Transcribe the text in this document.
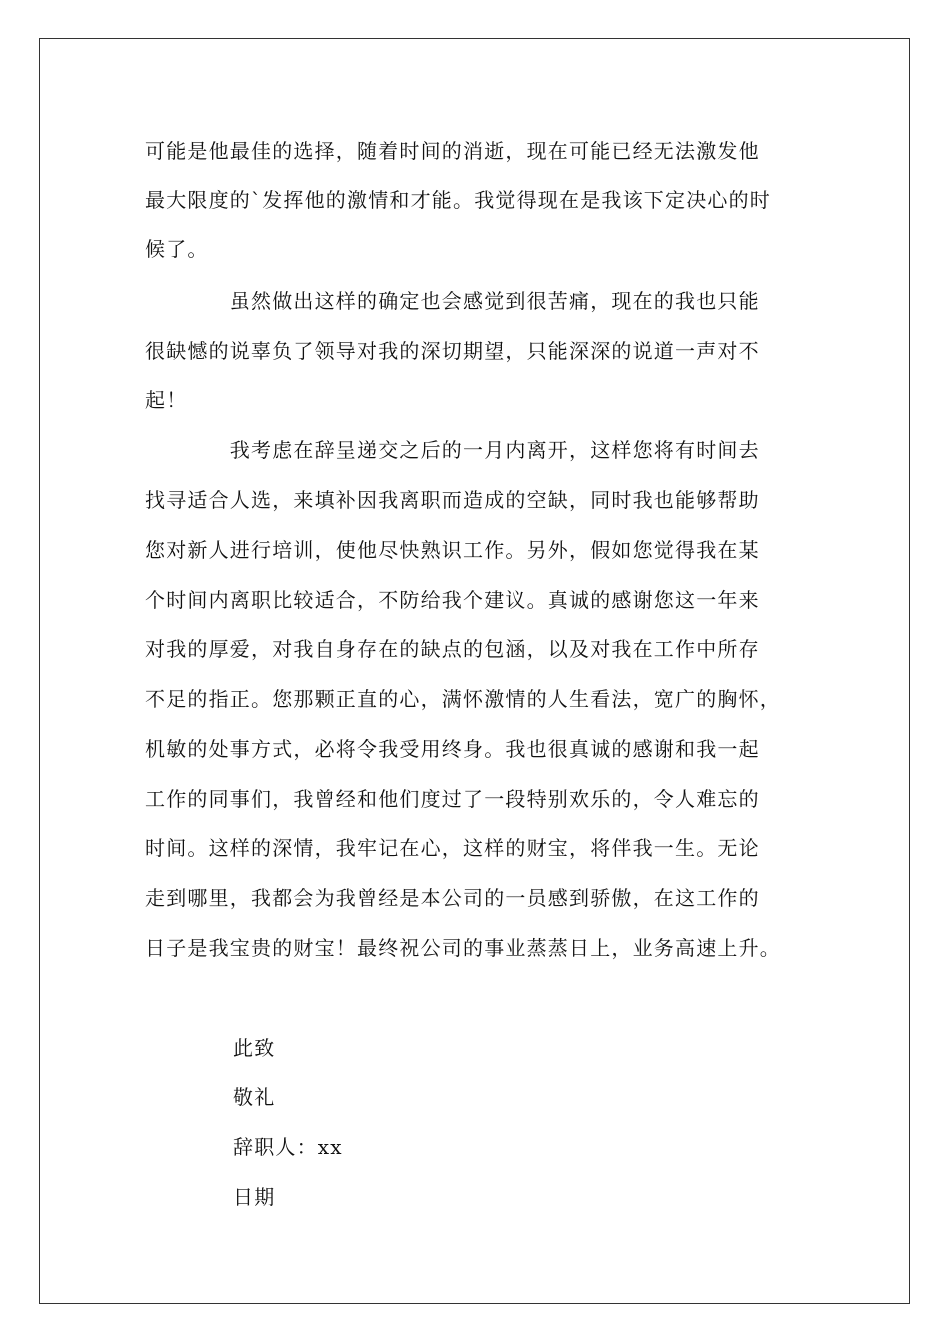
可能是他最佳的选择，随着时间的消逝，现在可能已经无法激发他

最大限度的`发挥他的激情和才能。我觉得现在是我该下定决心的时

候了。

　　　　虽然做出这样的确定也会感觉到很苦痛，现在的我也只能

很缺憾的说辜负了领导对我的深切期望，只能深深的说道一声对不

起！

　　　　我考虑在辞呈递交之后的一月内离开，这样您将有时间去

找寻适合人选，来填补因我离职而造成的空缺，同时我也能够帮助

您对新人进行培训，使他尽快熟识工作。另外，假如您觉得我在某

个时间内离职比较适合，不防给我个建议。真诚的感谢您这一年来

对我的厚爱，对我自身存在的缺点的包涵，以及对我在工作中所存

不足的指正。您那颗正直的心，满怀激情的人生看法，宽广的胸怀，

机敏的处事方式，必将令我受用终身。我也很真诚的感谢和我一起

工作的同事们，我曾经和他们度过了一段特别欢乐的，令人难忘的

时间。这样的深情，我牢记在心，这样的财宝，将伴我一生。无论

走到哪里，我都会为我曾经是本公司的一员感到骄傲，在这工作的

日子是我宝贵的财宝！最终祝公司的事业蒸蒸日上，业务高速上升。

此致

敬礼

辞职人：xx

日期
